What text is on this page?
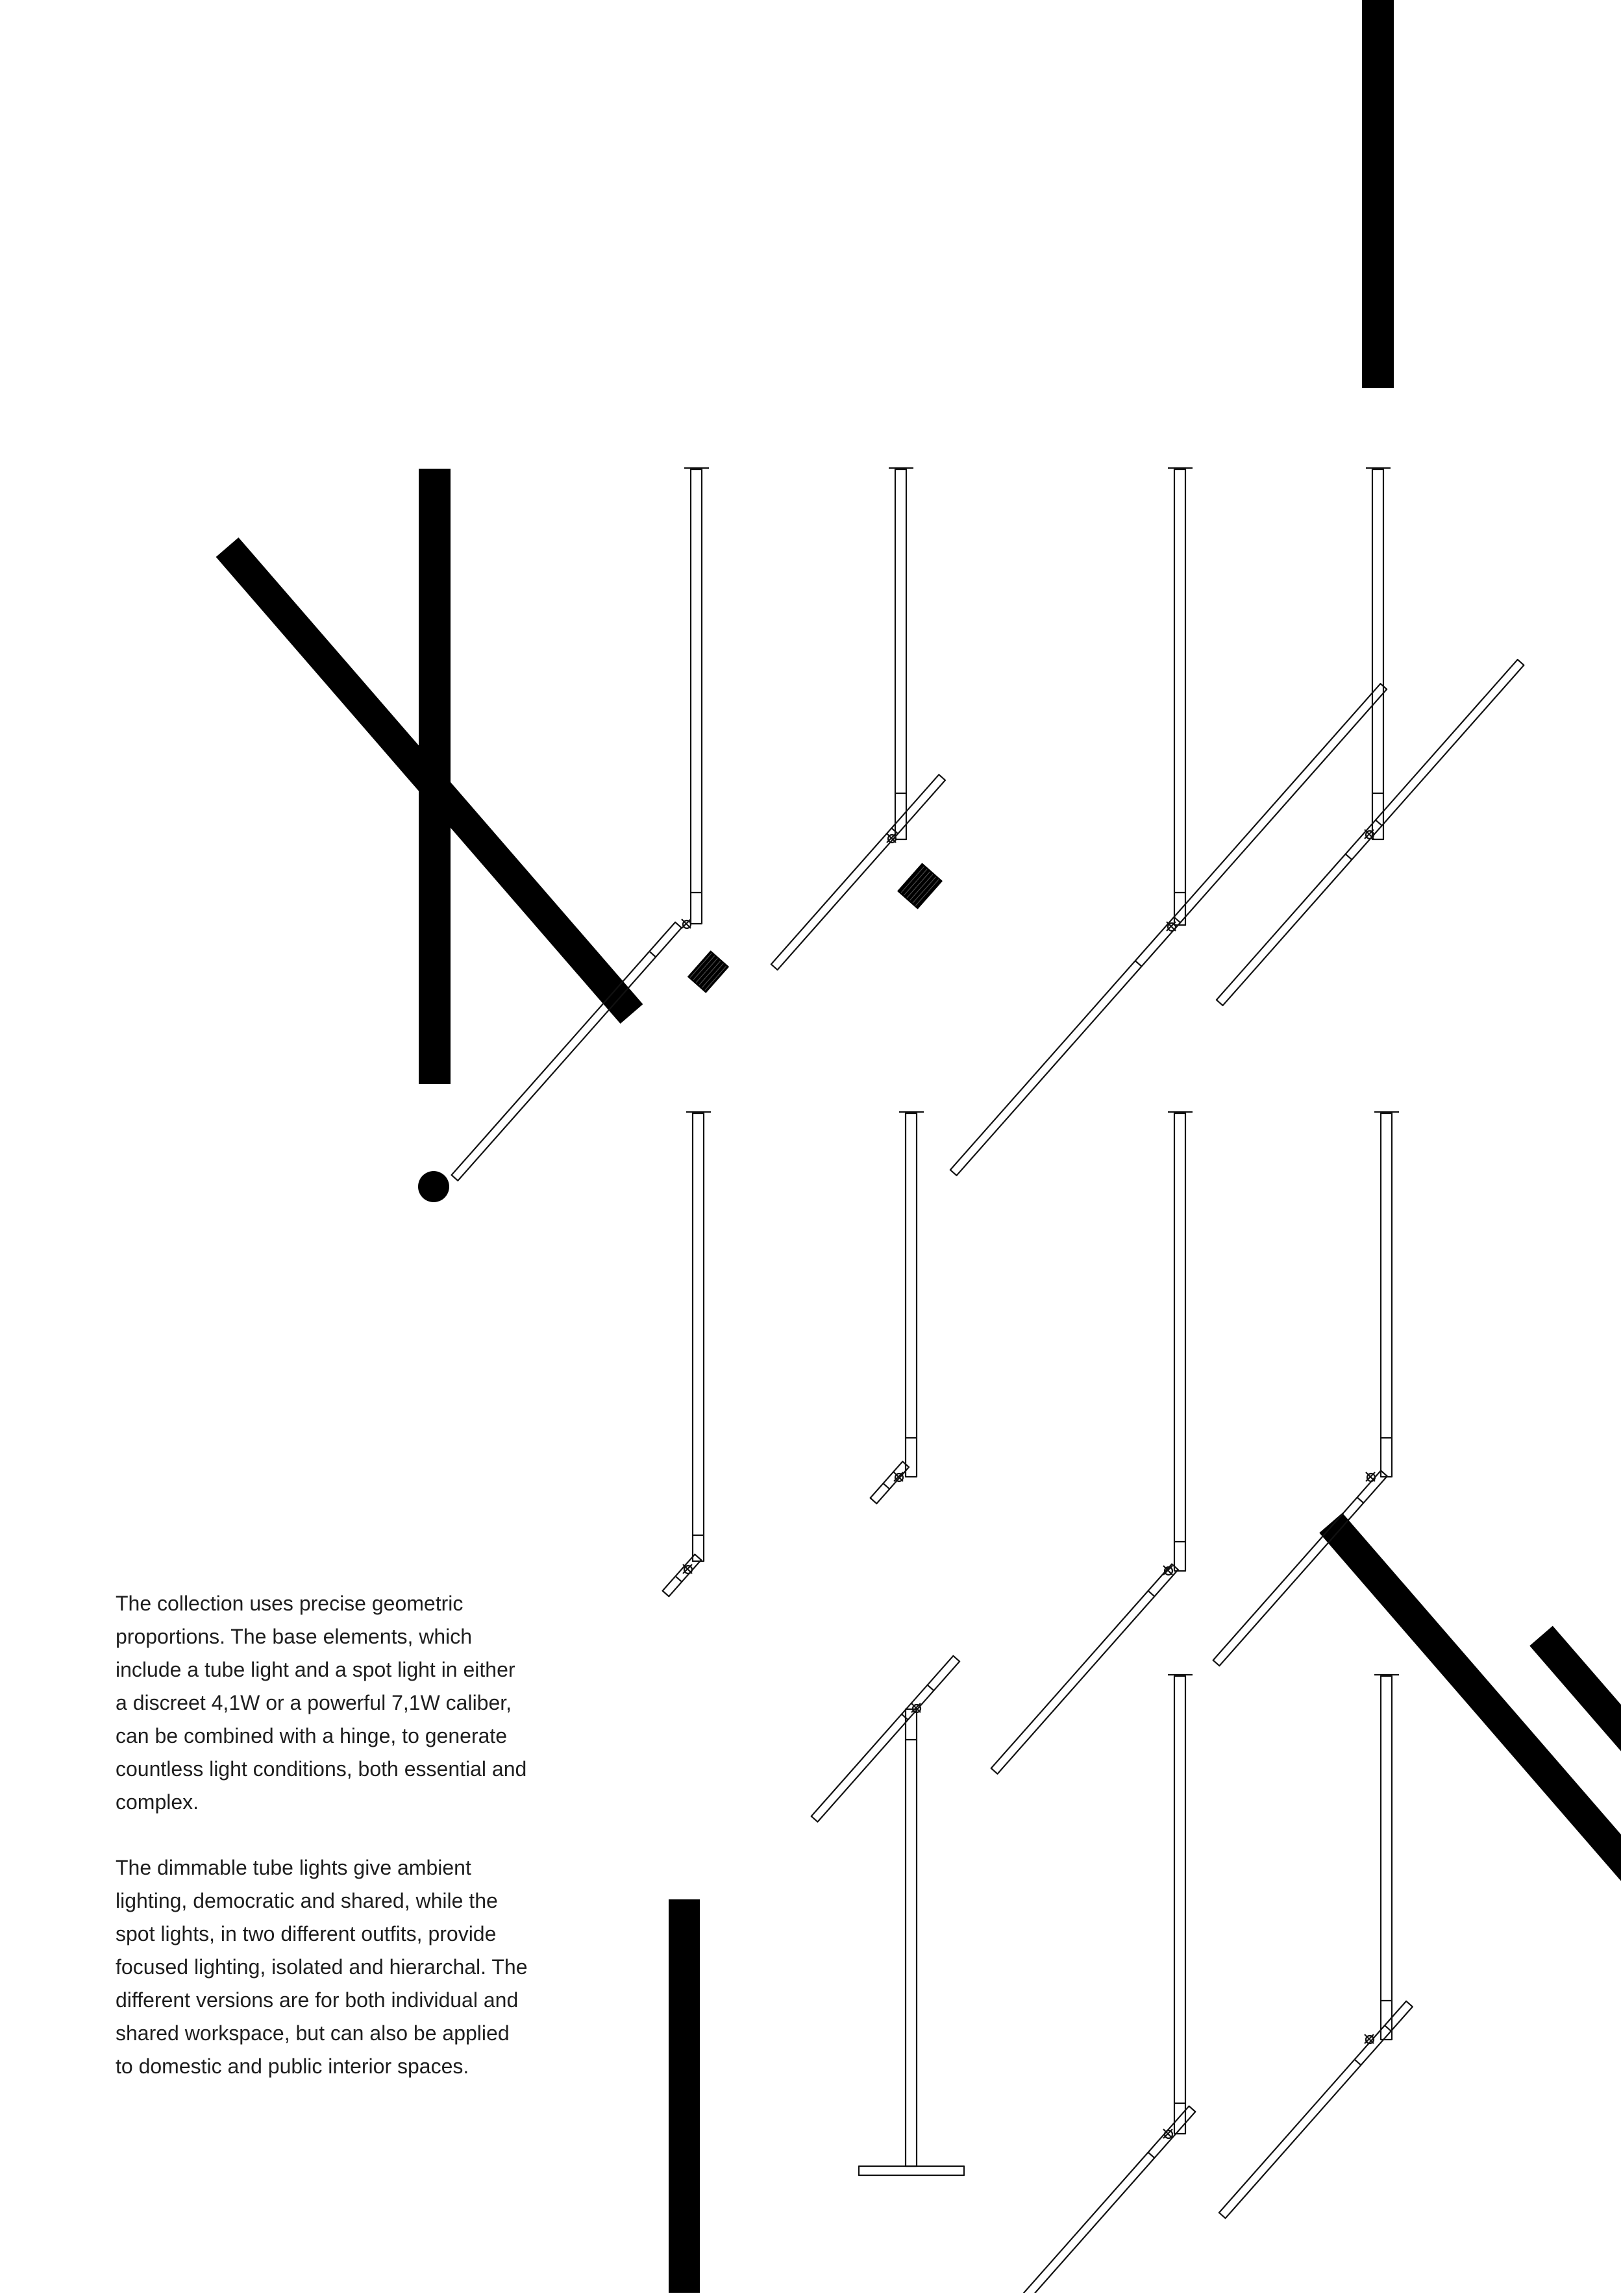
The collection uses precise geometric proportions. The base elements, which include a tube light and a spot light in either a discreet 4,1W or a powerful 7,1W caliber, can be combined with a hinge, to generate countless light conditions, both essential and complex.

The dimmable tube lights give ambient lighting, democratic and shared, while the spot lights, in two different outfits, provide focused lighting, isolated and hierarchal. The different versions are for both individual and shared workspace, but can also be applied to domestic and public interior spaces.
